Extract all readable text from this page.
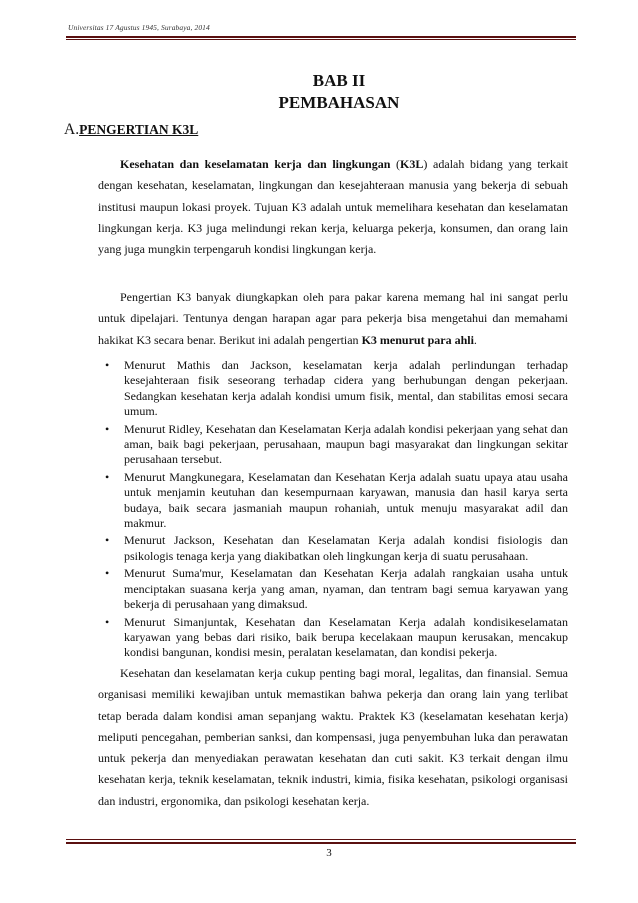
Universitas 17 Agustus 1945, Surabaya, 2014
BAB II
PEMBAHASAN
A.PENGERTIAN K3L
Kesehatan dan keselamatan kerja dan lingkungan (K3L) adalah bidang yang terkait dengan kesehatan, keselamatan, lingkungan dan kesejahteraan manusia yang bekerja di sebuah institusi maupun lokasi proyek. Tujuan K3 adalah untuk memelihara kesehatan dan keselamatan lingkungan kerja. K3 juga melindungi rekan kerja, keluarga pekerja, konsumen, dan orang lain yang juga mungkin terpengaruh kondisi lingkungan kerja.
Pengertian K3 banyak diungkapkan oleh para pakar karena memang hal ini sangat perlu untuk dipelajari. Tentunya dengan harapan agar para pekerja bisa mengetahui dan memahami hakikat K3 secara benar. Berikut ini adalah pengertian K3 menurut para ahli.
• Menurut Mathis dan Jackson, keselamatan kerja adalah perlindungan terhadap kesejahteraan fisik seseorang terhadap cidera yang berhubungan dengan pekerjaan. Sedangkan kesehatan kerja adalah kondisi umum fisik, mental, dan stabilitas emosi secara umum.
• Menurut Ridley, Kesehatan dan Keselamatan Kerja adalah kondisi pekerjaan yang sehat dan aman, baik bagi pekerjaan, perusahaan, maupun bagi masyarakat dan lingkungan sekitar perusahaan tersebut.
• Menurut Mangkunegara, Keselamatan dan Kesehatan Kerja adalah suatu upaya atau usaha untuk menjamin keutuhan dan kesempurnaan karyawan, manusia dan hasil karya serta budaya, baik secara jasmaniah maupun rohaniah, untuk menuju masyarakat adil dan makmur.
• Menurut Jackson, Kesehatan dan Keselamatan Kerja adalah kondisi fisiologis dan psikologis tenaga kerja yang diakibatkan oleh lingkungan kerja di suatu perusahaan.
• Menurut Suma'mur, Keselamatan dan Kesehatan Kerja adalah rangkaian usaha untuk menciptakan suasana kerja yang aman, nyaman, dan tentram bagi semua karyawan yang bekerja di perusahaan yang dimaksud.
• Menurut Simanjuntak, Kesehatan dan Keselamatan Kerja adalah kondisikeselamatan karyawan yang bebas dari risiko, baik berupa kecelakaan maupun kerusakan, mencakup kondisi bangunan, kondisi mesin, peralatan keselamatan, dan kondisi pekerja.
Kesehatan dan keselamatan kerja cukup penting bagi moral, legalitas, dan finansial. Semua organisasi memiliki kewajiban untuk memastikan bahwa pekerja dan orang lain yang terlibat tetap berada dalam kondisi aman sepanjang waktu. Praktek K3 (keselamatan kesehatan kerja) meliputi pencegahan, pemberian sanksi, dan kompensasi, juga penyembuhan luka dan perawatan untuk pekerja dan menyediakan perawatan kesehatan dan cuti sakit. K3 terkait dengan ilmu kesehatan kerja, teknik keselamatan, teknik industri, kimia, fisika kesehatan, psikologi organisasi dan industri, ergonomika, dan psikologi kesehatan kerja.
3
